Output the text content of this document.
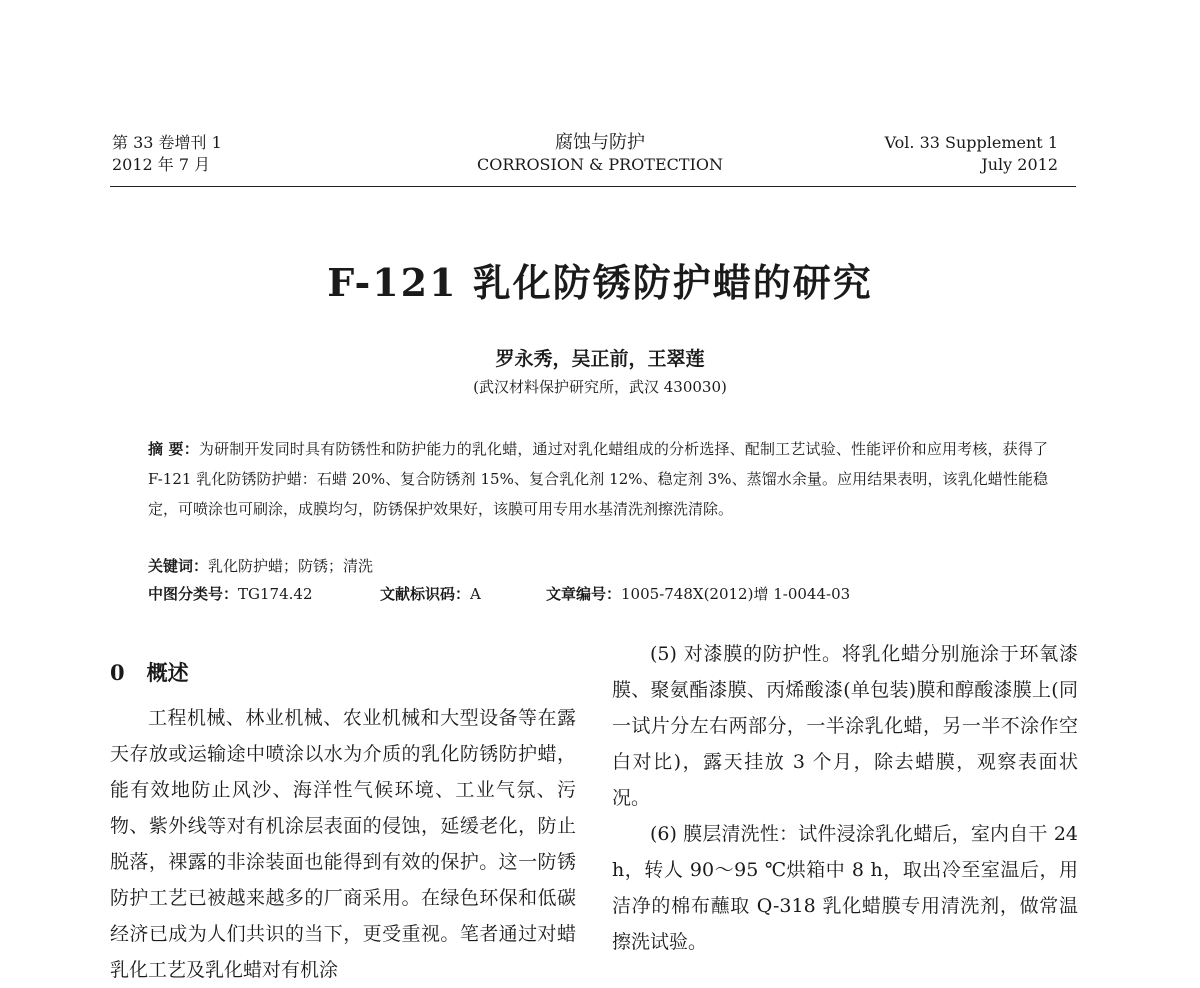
第 33 卷增刊 1
2012 年 7 月
腐蚀与防护
CORROSION & PROTECTION
Vol. 33 Supplement 1
July 2012
F-121 乳化防锈防护蜡的研究
罗永秀，吴正前，王翠莲
(武汉材料保护研究所，武汉 430030)
摘 要：为研制开发同时具有防锈性和防护能力的乳化蜡，通过对乳化蜡组成的分析选择、配制工艺试验、性能评价和应用考核，获得了 F-121 乳化防锈防护蜡：石蜡 20%、复合防锈剂 15%、复合乳化剂 12%、稳定剂 3%、蒸馏水余量。应用结果表明，该乳化蜡性能稳定，可喷涂也可刷涂，成膜均匀，防锈保护效果好，该膜可用专用水基清洗剂擦洗清除。
关键词：乳化防护蜡；防锈；清洗
中图分类号：TG174.42	文献标识码：A	文章编号：1005-748X(2012)增 1-0044-03
0 概述

工程机械、林业机械、农业机械和大型设备等在露天存放或运输途中喷涂以水为介质的乳化防锈防护蜡，能有效地防止风沙、海洋性气候环境、工业气氛、污物、紫外线等对有机涂层表面的侵蚀，延缓老化，防止脱落，裸露的非涂装面也能得到有效的保护。这一防锈防护工艺已被越来越多的厂商采用。在绿色环保和低碳经济已成为人们共识的当下，更受重视。笔者通过对蜡乳化工艺及乳化蜡对有机涂

(5) 对漆膜的防护性。将乳化蜡分别施涂于环氧漆膜、聚氨酯漆膜、丙烯酸漆(单包装)膜和醇酸漆膜上(同一试片分左右两部分，一半涂乳化蜡，另一半不涂作空白对比)，露天挂放 3 个月，除去蜡膜，观察表面状况。

(6) 膜层清洗性：试件浸涂乳化蜡后，室内自干 24 h，转人 90～95 ℃烘箱中 8 h，取出冷至室温后，用洁净的棉布蘸取 Q-318 乳化蜡膜专用清洗剂，做常温擦洗试验。
